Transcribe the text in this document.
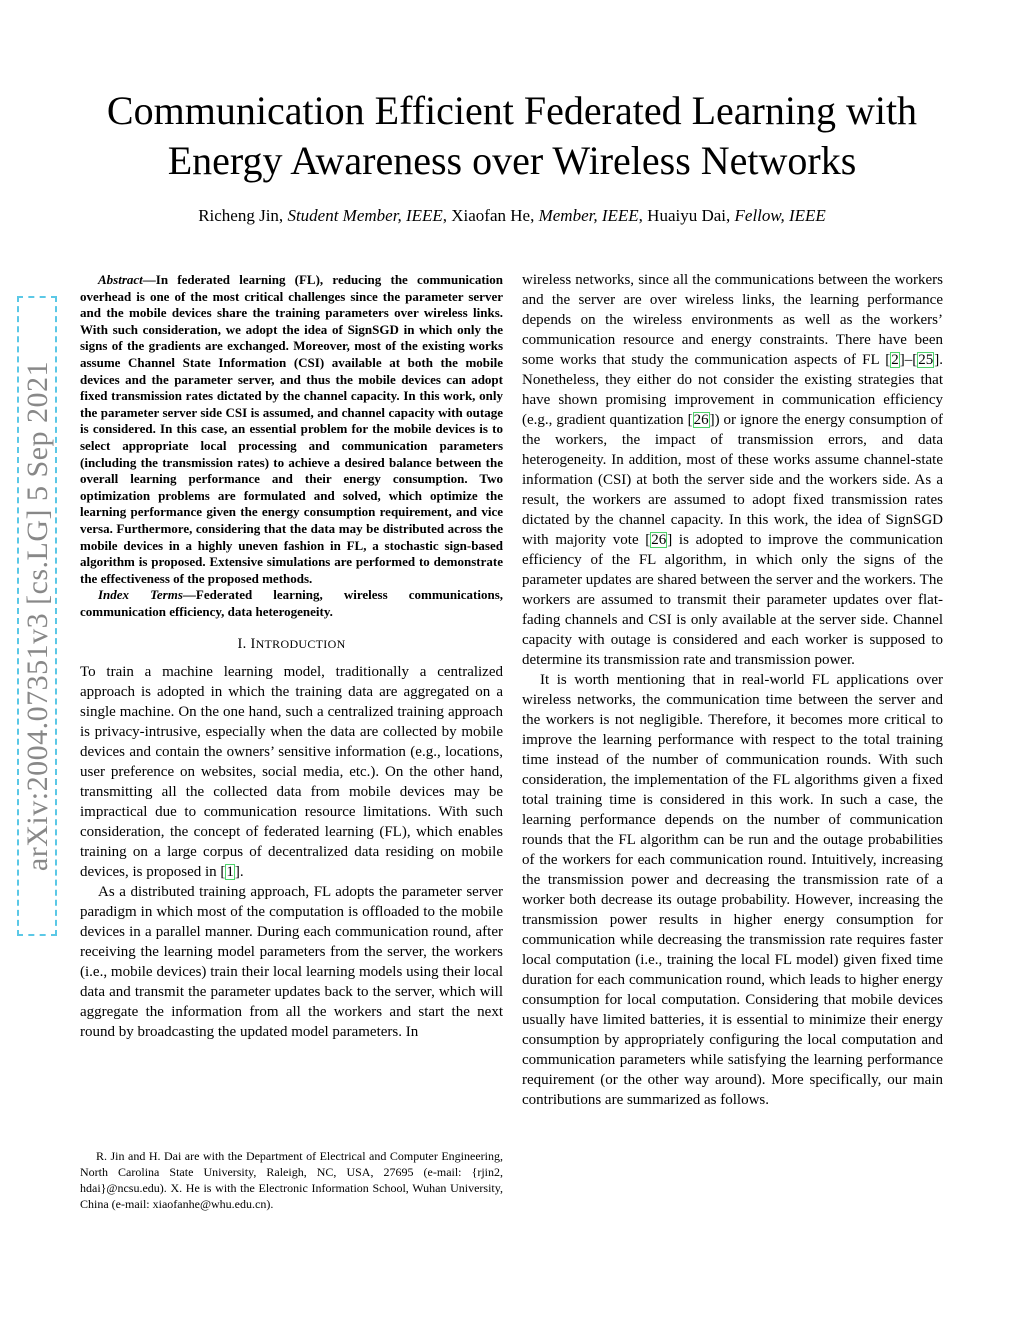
Communication Efficient Federated Learning with
Energy Awareness over Wireless Networks
Richeng Jin, Student Member, IEEE, Xiaofan He, Member, IEEE, Huaiyu Dai, Fellow, IEEE
arXiv:2004.07351v3 [cs.LG] 5 Sep 2021

Abstract—In federated learning (FL), reducing the communication overhead is one of the most critical challenges since the parameter server and the mobile devices share the training parameters over wireless links. With such consideration, we adopt the idea of SignSGD in which only the signs of the gradients are exchanged. Moreover, most of the existing works assume Channel State Information (CSI) available at both the mobile devices and the parameter server, and thus the mobile devices can adopt fixed transmission rates dictated by the channel capacity. In this work, only the parameter server side CSI is assumed, and channel capacity with outage is considered. In this case, an essential problem for the mobile devices is to select appropriate local processing and communication parameters (including the transmission rates) to achieve a desired balance between the overall learning performance and their energy consumption. Two optimization problems are formulated and solved, which optimize the learning performance given the energy consumption requirement, and vice versa. Furthermore, considering that the data may be distributed across the mobile devices in a highly uneven fashion in FL, a stochastic sign-based algorithm is proposed. Extensive simulations are performed to demonstrate the effectiveness of the proposed methods.

Index Terms—Federated learning, wireless communications, communication efficiency, data heterogeneity.

I. INTRODUCTION

To train a machine learning model, traditionally a centralized approach is adopted in which the training data are aggregated on a single machine. On the one hand, such a centralized training approach is privacy-intrusive, especially when the data are collected by mobile devices and contain the owners’ sensitive information (e.g., locations, user preference on websites, social media, etc.). On the other hand, transmitting all the collected data from mobile devices may be impractical due to communication resource limitations. With such consideration, the concept of federated learning (FL), which enables training on a large corpus of decentralized data residing on mobile devices, is proposed in [1].

As a distributed training approach, FL adopts the parameter server paradigm in which most of the computation is offloaded to the mobile devices in a parallel manner. During each communication round, after receiving the learning model parameters from the server, the workers (i.e., mobile devices) train their local learning models using their local data and transmit the parameter updates back to the server, which will aggregate the information from all the workers and start the next round by broadcasting the updated model parameters. In

R. Jin and H. Dai are with the Department of Electrical and Computer Engineering, North Carolina State University, Raleigh, NC, USA, 27695 (e-mail: {rjin2, hdai}@ncsu.edu). X. He is with the Electronic Information School, Wuhan University, China (e-mail: xiaofanhe@whu.edu.cn).

wireless networks, since all the communications between the workers and the server are over wireless links, the learning performance depends on the wireless environments as well as the workers’ communication resource and energy constraints. There have been some works that study the communication aspects of FL [2]–[25]. Nonetheless, they either do not consider the existing strategies that have shown promising improvement in communication efficiency (e.g., gradient quantization [26]) or ignore the energy consumption of the workers, the impact of transmission errors, and data heterogeneity. In addition, most of these works assume channel-state information (CSI) at both the server side and the workers side. As a result, the workers are assumed to adopt fixed transmission rates dictated by the channel capacity. In this work, the idea of SignSGD with majority vote [26] is adopted to improve the communication efficiency of the FL algorithm, in which only the signs of the parameter updates are shared between the server and the workers. The workers are assumed to transmit their parameter updates over flat-fading channels and CSI is only available at the server side. Channel capacity with outage is considered and each worker is supposed to determine its transmission rate and transmission power.

It is worth mentioning that in real-world FL applications over wireless networks, the communication time between the server and the workers is not negligible. Therefore, it becomes more critical to improve the learning performance with respect to the total training time instead of the number of communication rounds. With such consideration, the implementation of the FL algorithms given a fixed total training time is considered in this work. In such a case, the learning performance depends on the number of communication rounds that the FL algorithm can be run and the outage probabilities of the workers for each communication round. Intuitively, increasing the transmission power and decreasing the transmission rate of a worker both decrease its outage probability. However, increasing the transmission power results in higher energy consumption for communication while decreasing the transmission rate requires faster local computation (i.e., training the local FL model) given fixed time duration for each communication round, which leads to higher energy consumption for local computation. Considering that mobile devices usually have limited batteries, it is essential to minimize their energy consumption by appropriately configuring the local computation and communication parameters while satisfying the learning performance requirement (or the other way around). More specifically, our main contributions are summarized as follows.
